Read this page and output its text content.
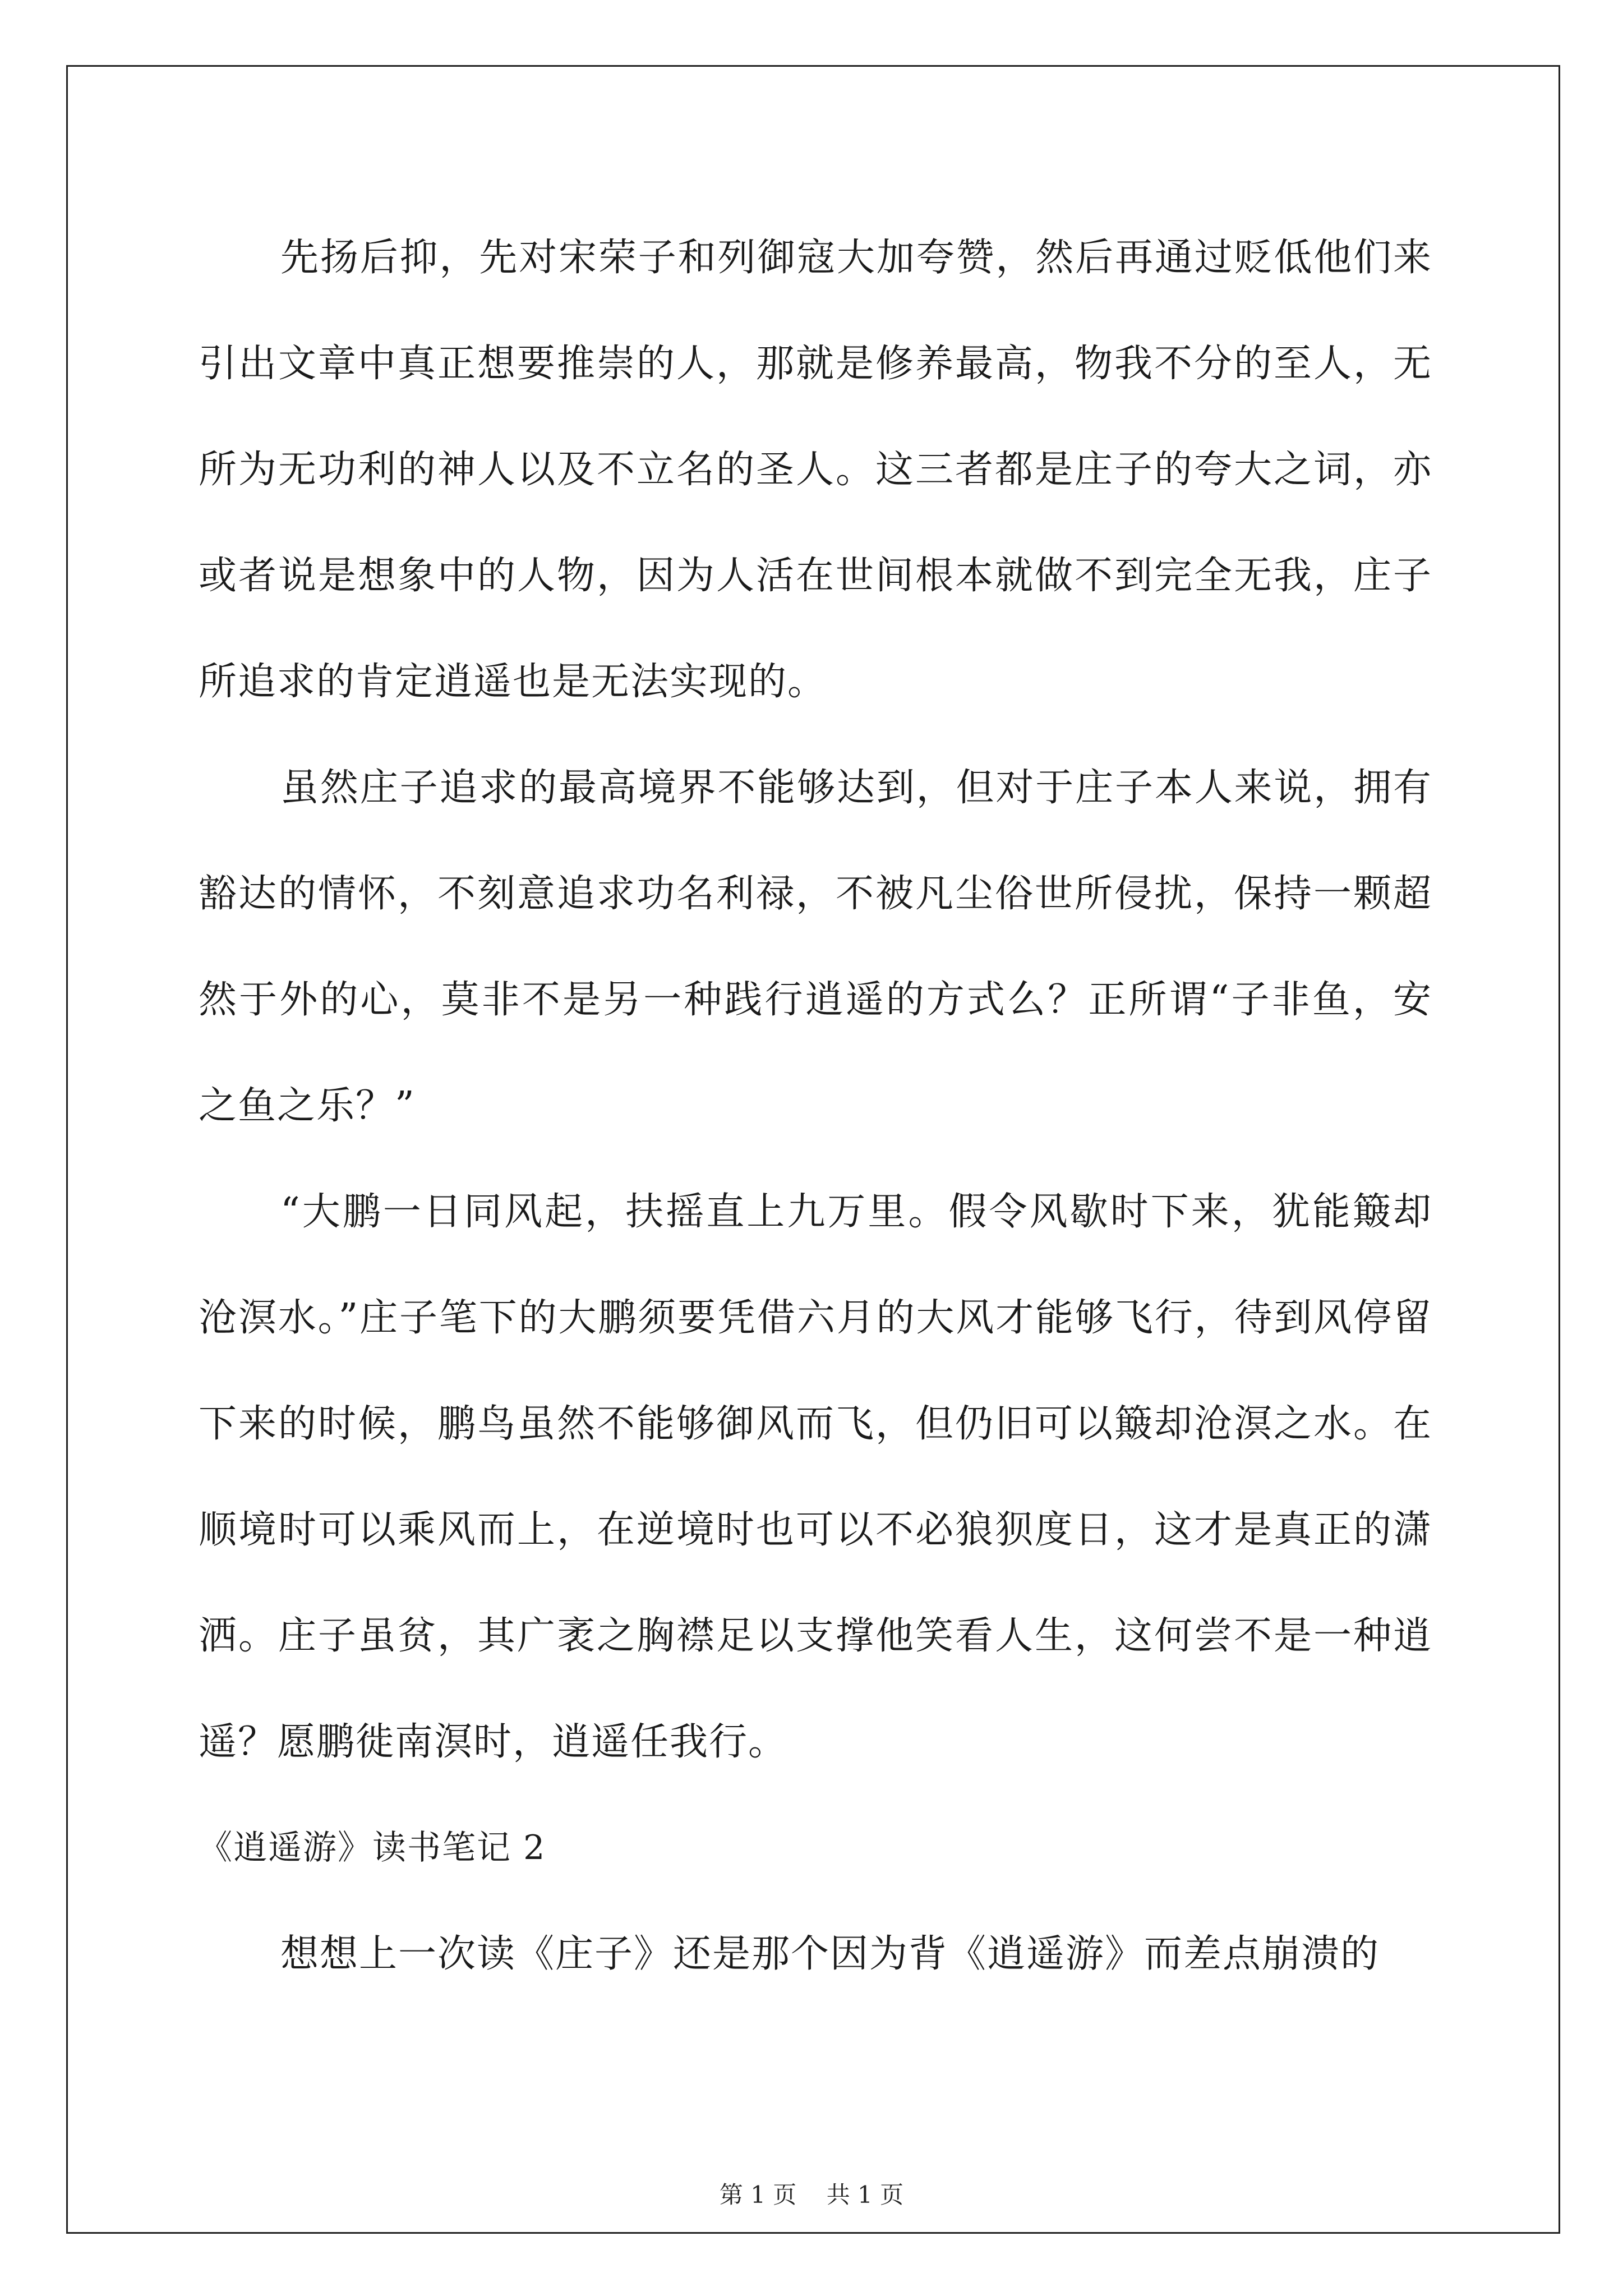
先扬后抑，先对宋荣子和列御寇大加夸赞，然后再通过贬低他们来引出文章中真正想要推崇的人，那就是修养最高，物我不分的至人，无所为无功利的神人以及不立名的圣人。这三者都是庄子的夸大之词，亦或者说是想象中的人物，因为人活在世间根本就做不到完全无我，庄子所追求的肯定逍遥也是无法实现的。

虽然庄子追求的最高境界不能够达到，但对于庄子本人来说，拥有豁达的情怀，不刻意追求功名利禄，不被凡尘俗世所侵扰，保持一颗超然于外的心，莫非不是另一种践行逍遥的方式么？正所谓“子非鱼，安之鱼之乐？”

“大鹏一日同风起，扶摇直上九万里。假令风歇时下来，犹能簸却沧溟水。”庄子笔下的大鹏须要凭借六月的大风才能够飞行，待到风停留下来的时候，鹏鸟虽然不能够御风而飞，但仍旧可以簸却沧溟之水。在顺境时可以乘风而上，在逆境时也可以不必狼狈度日，这才是真正的潇洒。庄子虽贫，其广袤之胸襟足以支撑他笑看人生，这何尝不是一种逍遥？愿鹏徙南溟时，逍遥任我行。

《逍遥游》读书笔记 2

想想上一次读《庄子》还是那个因为背《逍遥游》而差点崩溃的

第 1 页    共 1 页
